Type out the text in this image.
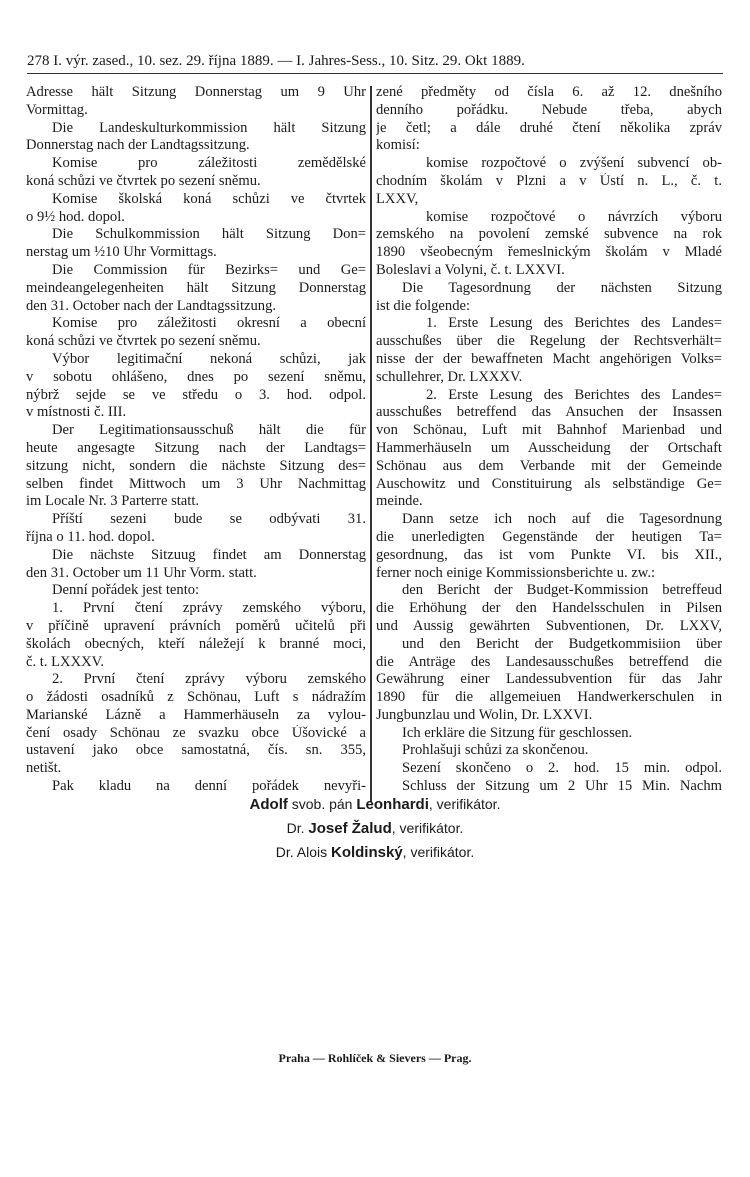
278 I. výr. zased., 10. sez. 29. října 1889. — I. Jahres-Sess., 10. Sitz. 29. Okt 1889.
Adresse hält Sitzung Donnerstag um 9 Uhr
Vormittag.
Die Landeskulturkommission hält Sitzung
Donnerstag nach der Landtagssitzung.
Komise pro záležitosti zemědělské
koná schůzi ve čtvrtek po sezení sněmu.
Komise školská koná schůzi ve čtvrtek
o 9½ hod. dopol.
Die Schulkommission hält Sitzung Don=
nerstag um ½10 Uhr Vormittags.
Die Commission für Bezirks= und Ge=
meindeangelegenheiten hält Sitzung Donnerstag
den 31. October nach der Landtagssitzung.
Komise pro záležitosti okresní a obecní
koná schůzi ve čtvrtek po sezení sněmu.
Výbor legitimační nekoná schůzi, jak
v sobotu ohlášeno, dnes po sezení sněmu,
nýbrž sejde se ve středu o 3. hod. odpol.
v místnosti č. III.
Der Legitimationsausschuß hält die für
heute angesagte Sitzung nach der Landtags=
sitzung nicht, sondern die nächste Sitzung des=
selben findet Mittwoch um 3 Uhr Nachmittag
im Locale Nr. 3 Parterre statt.
Příští sezeni bude se odbývati 31.
října o 11. hod. dopol.
Die nächste Sitzuug findet am Donnerstag
den 31. October um 11 Uhr Vorm. statt.
Denní pořádek jest tento:
1. První čtení zprávy zemského výboru,
v příčině upravení právních poměrů učitelů při
školách obecných, kteří náležejí k branné moci,
č. t. LXXXV.
2. První čtení zprávy výboru zemského
o žádosti osadníků z Schönau, Luft s nádražím
Marianské Lázně a Hammerhäuseln za vylou-
čení osady Schönau ze svazku obce Úšovické a
ustavení jako obce samostatná, čís. sn. 355,
netišt.
Pak kladu na denní pořádek nevyři-
zené předměty od čísla 6. až 12. dnešního
denního pořádku. Nebude třeba, abych
je četl; a dále druhé čtení několika zpráv
komisí:
komise rozpočtové o zvýšení subvencí ob-
chodním školám v Plzni a v Ústí n. L., č. t.
LXXV,
komise rozpočtové o návrzích výboru
zemského na povolení zemské subvence na rok
1890 všeobecným řemeslnickým školám v Mladé
Boleslavi a Volyni, č. t. LXXVI.
Die Tagesordnung der nächsten Sitzung
ist die folgende:
1. Erste Lesung des Berichtes des Landes=
ausschußes über die Regelung der Rechtsverhält=
nisse der der bewaffneten Macht angehörigen Volks=
schullehrer, Dr. LXXXV.
2. Erste Lesung des Berichtes des Landes=
ausschußes betreffend das Ansuchen der Insassen
von Schönau, Luft mit Bahnhof Marienbad und
Hammerhäuseln um Ausscheidung der Ortschaft
Schönau aus dem Verbande mit der Gemeinde
Auschowitz und Constituirung als selbständige Ge=
meinde.
Dann setze ich noch auf die Tagesordnung
die unerledigten Gegenstände der heutigen Ta=
gesordnung, das ist vom Punkte VI. bis XII.,
ferner noch einige Kommissionsberichte u. zw.:
den Bericht der Budget-Kommission betreffeud
die Erhöhung der den Handelsschulen in Pilsen
und Aussig gewährten Subventionen, Dr. LXXV,
und den Bericht der Budgetkommisiion über
die Anträge des Landesausschußes betreffend die
Gewährung einer Landessubvention für das Jahr
1890 für die allgemeiuen Handwerkerschulen in
Jungbunzlau und Wolin, Dr. LXXVI.
Ich erkläre die Sitzung für geschlossen.
Prohlašuji schůzi za skončenou.
Sezení skončeno o 2. hod. 15 min. odpol.
Schluss der Sitzung um 2 Uhr 15 Min. Nachm
Adolf svob. pán Leonhardi, verifikátor.
Dr. Josef Žalud, verifikátor.
Dr. Alois Koldinský, verifikátor.
Praha — Rohlíček & Sievers — Prag.
